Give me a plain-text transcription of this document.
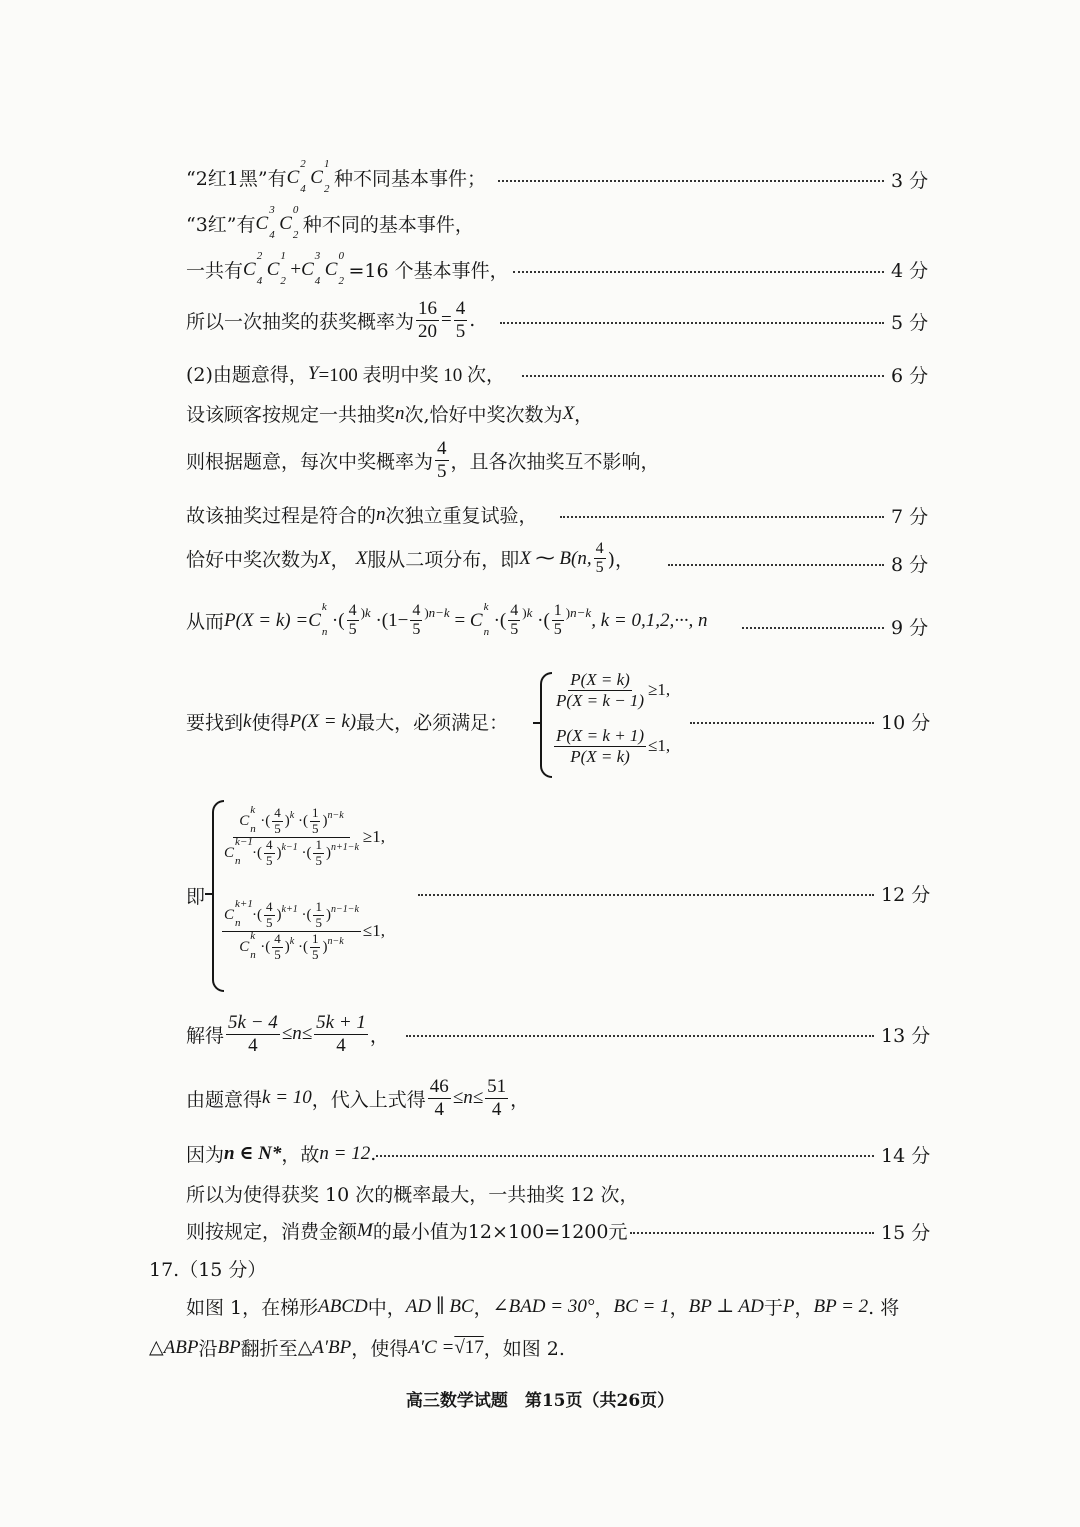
“2红1黑”有 C
2
4
C
1
2 种不同基本事件；	3 分
“3红”有 C
3
4
C
0
2 种不同的基本事件，
一共有 C
2
4
C
1
2
+ C
3
4
C
0
2 =16 个基本事件，	4 分
所以一次抽奖的获奖概率为 $\frac{16}{20} = \frac{4}{5}$ .	5 分
(2)由题意得， Y =100 表明中奖 10 次，	6 分
设该顾客按规定一共抽奖 n 次,恰好中奖次数为 X ，
则根据题意，每次中奖概率为 $\frac{4}{5}$ ，且各次抽奖互不影响，
故该抽奖过程是符合的 n 次独立重复试验，	7 分
恰好中奖次数为 X ，
X 服从二项分布，即 X ⁓ B(n, $\frac{4}{5}$ )，	8 分
从而 P(X = k) = C
k
n
·( $\frac{4}{5} )k \cdot(1- \frac{4}{5} )n-k = C$
k
n
·( $\frac{4}{5} )k$ ·( $\frac{1}{5} )n-k$ , k = 0,1,2,···, n	9 分
要找到 k 使得 P(X = k) 最大，必须满足：
$\frac{P(X = k)}{P(X = k - 1)} \ge 1$,
$\frac{P(X = k + 1)}{P(X = k)} \le 1$,
10 分
即
C
k
n
·( $\frac{4}{5}$ ) k ·( $\frac{1}{5}$ ) n−k
C
k−1
n
·( $\frac{4}{5}$ ) k−1 ·( $\frac{1}{5}$ ) n+1−k ≥1,
C
k+1
n
·( $\frac{4}{5}$ ) k+1 ·( $\frac{1}{5}$ ) n−1−k
C
k
n
·( $\frac{4}{5}$ ) k ·( $\frac{1}{5}$ ) n−k ≤1,
12 分
解得 $\frac{5k - 4}{4} \le n\le \frac{5k + 1}{4}$ ，	13 分
由题意得 k = 10 ，代入上式得 $\frac{46}{4} \le n\le \frac{51}{4}$ ，
因为 n ∈ N* ，故 n = 12 .	14 分
所以为使得获奖 10 次的概率最大，一共抽奖 12 次，
则按规定，消费金额 M 的最小值为12×100=1200元	15 分
17.（15 分）
如图 1，在梯形 ABCD 中， AD ∥ BC ， ∠BAD = 30° ， BC = 1 ， BP ⊥ AD 于 P ， BP = 2 . 将
△ABP 沿 BP 翻折至 △A′BP ，使得 A′C = √17 ，如图 2.
高三数学试题　第15页（共26页）
